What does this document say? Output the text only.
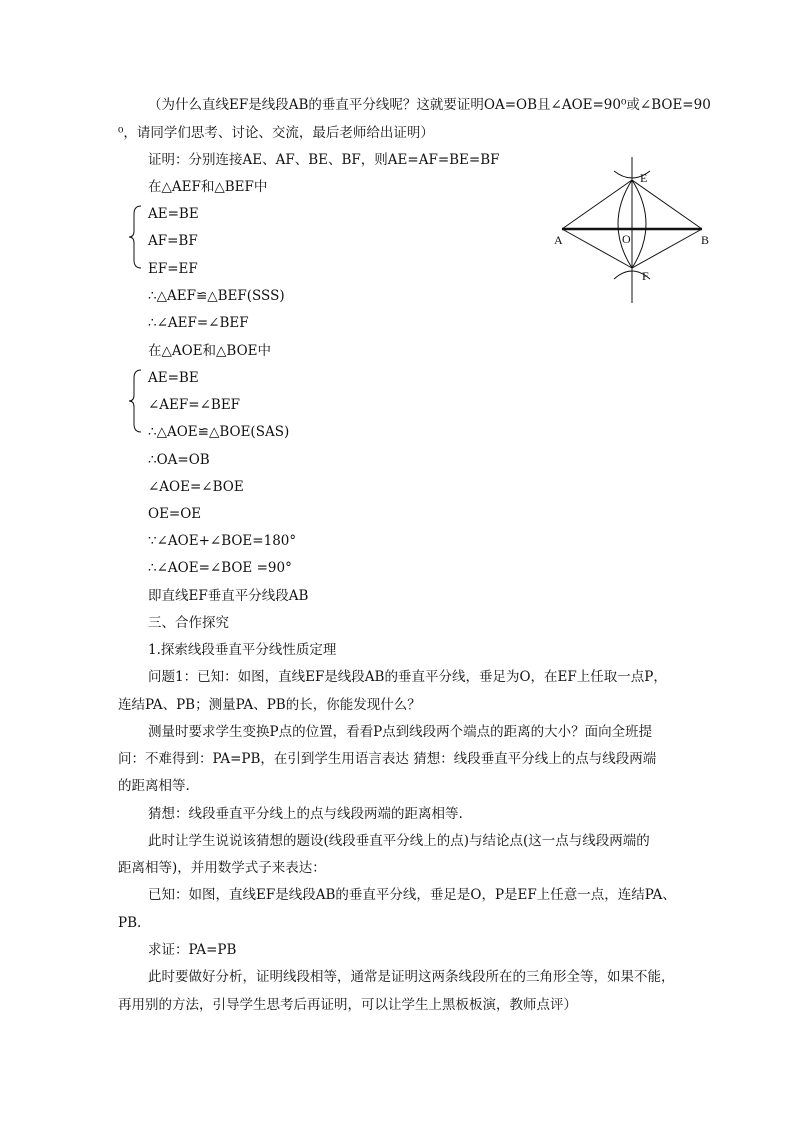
（为什么直线EF是线段AB的垂直平分线呢？这就要证明OA=OB且∠AOE=90⁰或∠BOE=90
⁰，请同学们思考、讨论、交流，最后老师给出证明）
证明：分别连接AE、AF、BE、BF，则AE=AF=BE=BF
在△AEF和△BEF中
AE=BE
AF=BF
EF=EF
∴△AEF≌△BEF(SSS)
∴∠AEF=∠BEF
在△AOE和△BOE中
AE=BE
∠AEF=∠BEF
∴△AOE≌△BOE(SAS)
∴OA=OB
∠AOE=∠BOE
OE=OE
∵∠AOE+∠BOE=180°
∴∠AOE=∠BOE =90°
即直线EF垂直平分线段AB
三、合作探究
1.探索线段垂直平分线性质定理
问题1：已知：如图，直线EF是线段AB的垂直平分线，垂足为O，在EF上任取一点P，
连结PA、PB；测量PA、PB的长，你能发现什么？
测量时要求学生变换P点的位置，看看P点到线段两个端点的距离的大小？面向全班提
问：不难得到：PA=PB，在引到学生用语言表达 猜想：线段垂直平分线上的点与线段两端
的距离相等.
猜想：线段垂直平分线上的点与线段两端的距离相等.
此时让学生说说该猜想的题设(线段垂直平分线上的点)与结论点(这一点与线段两端的
距离相等)，并用数学式子来表达：
已知：如图，直线EF是线段AB的垂直平分线，垂足是O，P是EF上任意一点，连结PA、
PB.
求证：PA=PB
此时要做好分析，证明线段相等，通常是证明这两条线段所在的三角形全等，如果不能，
再用别的方法，引导学生思考后再证明，可以让学生上黑板板演，教师点评）
A	B
E
F
O
